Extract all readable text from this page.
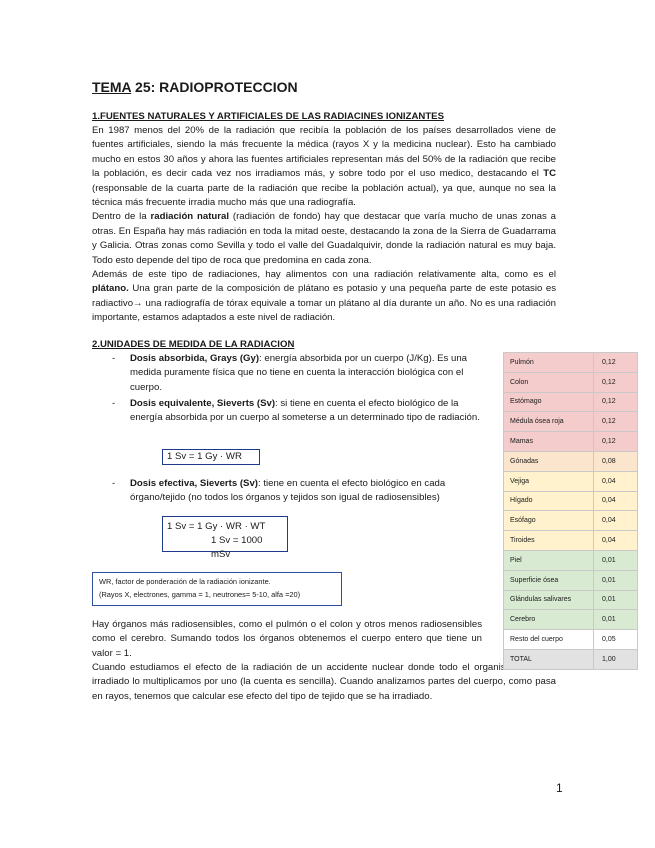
TEMA 25: RADIOPROTECCION
1.FUENTES NATURALES Y ARTIFICIALES DE LAS RADIACINES IONIZANTES
En 1987 menos del 20% de la radiación que recibía la población de los países desarrollados viene de fuentes artificiales, siendo la más frecuente la médica (rayos X y la medicina nuclear). Esto ha cambiado mucho en estos 30 años y ahora las fuentes artificiales representan más del 50% de la radiación que recibe la población, es decir cada vez nos irradiamos más, y sobre todo por el uso medico, destacando el TC (responsable de la cuarta parte de la radiación que recibe la población actual), ya que, aunque no sea la técnica más frecuente irradia mucho más que una radiografía.
Dentro de la radiación natural (radiación de fondo) hay que destacar que varía mucho de unas zonas a otras. En España hay más radiación en toda la mitad oeste, destacando la zona de la Sierra de Guadarrama y Galicia. Otras zonas como Sevilla y todo el valle del Guadalquivir, donde la radiación natural es muy baja. Todo esto depende del tipo de roca que predomina en cada zona.
Además de este tipo de radiaciones, hay alimentos con una radiación relativamente alta, como es el plátano. Una gran parte de la composición de plátano es potasio y una pequeña parte de este potasio es radiactivo→ una radiografía de tórax equivale a tomar un plátano al día durante un año. No es una radiación importante, estamos adaptados a este nivel de radiación.
2.UNIDADES DE MEDIDA DE LA RADIACION
- Dosis absorbida, Grays (Gy): energía absorbida por un cuerpo (J/Kg). Es una medida puramente física que no tiene en cuenta la interacción biológica con el cuerpo.
- Dosis equivalente, Sieverts (Sv): si tiene en cuenta el efecto biológico de la energía absorbida por un cuerpo al someterse a un determinado tipo de radiación.
1 Sv = 1 Gy · WR
- Dosis efectiva, Sieverts (Sv): tiene en cuenta el efecto biológico en cada órgano/tejido (no todos los órganos y tejidos son igual de radiosensibles)
1 Sv = 1 Gy · WR · WT
1 Sv = 1000 mSv
WR, factor de ponderación de la radiación ionizante.
(Rayos X, electrones, gamma = 1, neutrones= 5-10, alfa =20)
Hay órganos más radiosensibles, como el pulmón o el colon y otros menos radiosensibles como el cerebro. Sumando todos los órganos obtenemos el cuerpo entero que tiene un valor = 1.
Cuando estudiamos el efecto de la radiación de un accidente nuclear donde todo el organismo ha sido irradiado lo multiplicamos por uno (la cuenta es sencilla). Cuando analizamos partes del cuerpo, como pasa en rayos, tenemos que calcular ese efecto del tipo de tejido que se ha irradiado.
Pulmón	0,12
Colon	0,12
Estómago	0,12
Médula ósea roja	0,12
Mamas	0,12
Gónadas	0,08
Vejiga	0,04
Hígado	0,04
Esófago	0,04
Tiroides	0,04
Piel	0,01
Superficie ósea	0,01
Glándulas salivares	0,01
Cerebro	0,01
Resto del cuerpo	0,05
TOTAL	1,00
1
